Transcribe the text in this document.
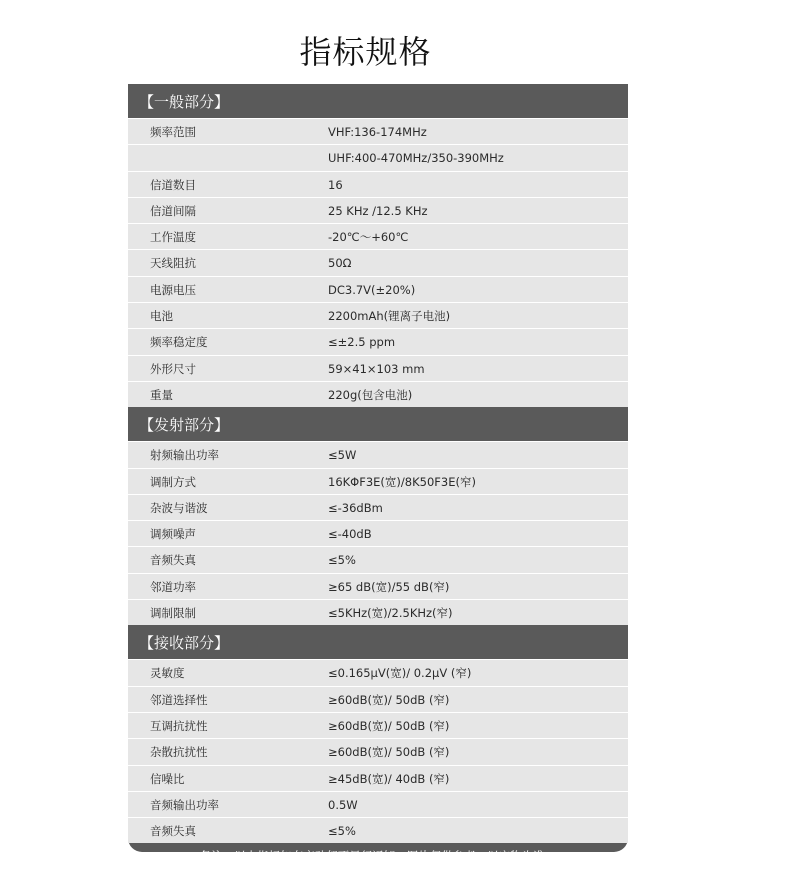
指标规格
【一般部分】
频率范围	VHF:136-174MHz
UHF:400-470MHz/350-390MHz
信道数目	16
信道间隔	25 KHz /12.5 KHz
工作温度	-20℃～+60℃
天线阻抗	50Ω
电源电压	DC3.7V(±20%)
电池	2200mAh(锂离子电池)
频率稳定度	≤±2.5 ppm
外形尺寸	59×41×103 mm
重量	220g(包含电池)
【发射部分】
射频输出功率	≤5W
调制方式	16KΦF3E(宽)/8K50F3E(窄)
杂波与谐波	≤-36dBm
调频噪声	≤-40dB
音频失真	≤5%
邻道功率	≥65 dB(宽)/55 dB(窄)
调制限制	≤5KHz(宽)/2.5KHz(窄)
【接收部分】
灵敏度	≤0.165μV(宽)/ 0.2μV (窄)
邻道选择性	≥60dB(宽)/ 50dB (窄)
互调抗扰性	≥60dB(宽)/ 50dB (窄)
杂散抗扰性	≥60dB(宽)/ 50dB (窄)
信噪比	≥45dB(宽)/ 40dB (窄)
音频输出功率	0.5W
音频失真	≤5%
备注：以上指标如有变动恕不另行通知，图片仅供参考，以实物为准。
